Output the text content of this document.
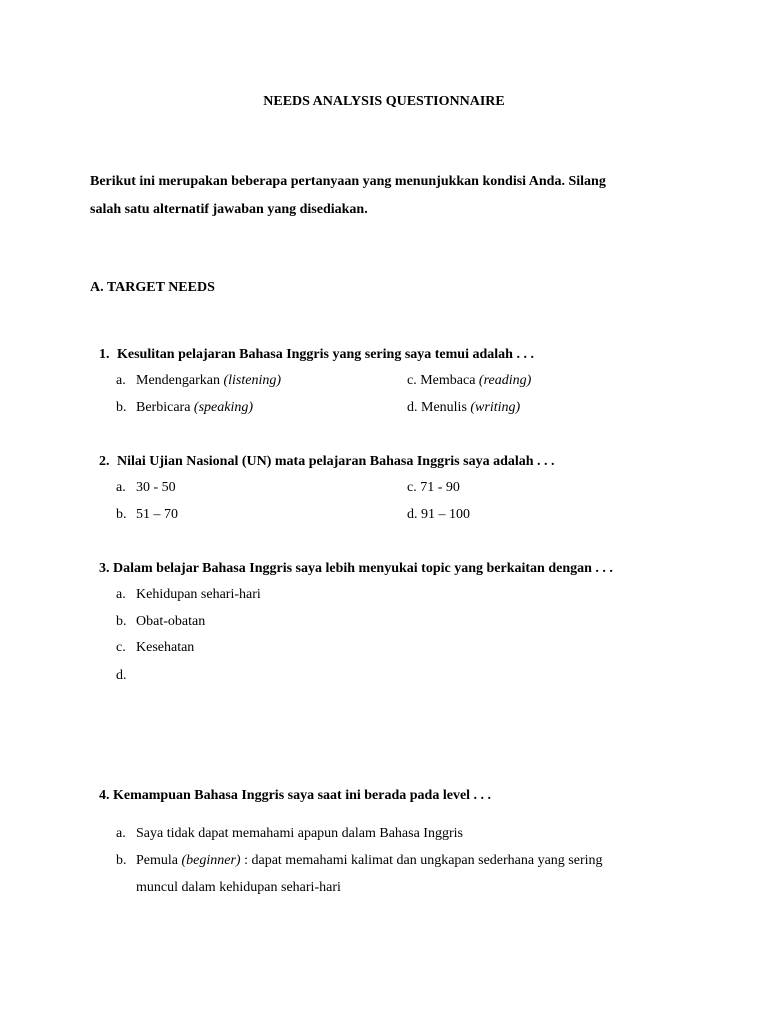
NEEDS ANALYSIS QUESTIONNAIRE
Berikut ini merupakan beberapa pertanyaan yang menunjukkan kondisi Anda. Silang
salah satu alternatif jawaban yang disediakan.
A. TARGET NEEDS
1. Kesulitan pelajaran Bahasa Inggris yang sering saya temui adalah . . .
a. Mendengarkan (listening)	c. Membaca (reading)
b. Berbicara (speaking)	d. Menulis (writing)
2. Nilai Ujian Nasional (UN) mata pelajaran Bahasa Inggris saya adalah . . .
a. 30 - 50	c. 71 - 90
b. 51 – 70	d. 91 – 100
3. Dalam belajar Bahasa Inggris saya lebih menyukai topic yang berkaitan dengan . . .
a. Kehidupan sehari-hari
b. Obat-obatan
c. Kesehatan
d.
4. Kemampuan Bahasa Inggris saya saat ini berada pada level . . .
a. Saya tidak dapat memahami apapun dalam Bahasa Inggris
b. Pemula (beginner) : dapat memahami kalimat dan ungkapan sederhana yang sering
muncul dalam kehidupan sehari-hari
